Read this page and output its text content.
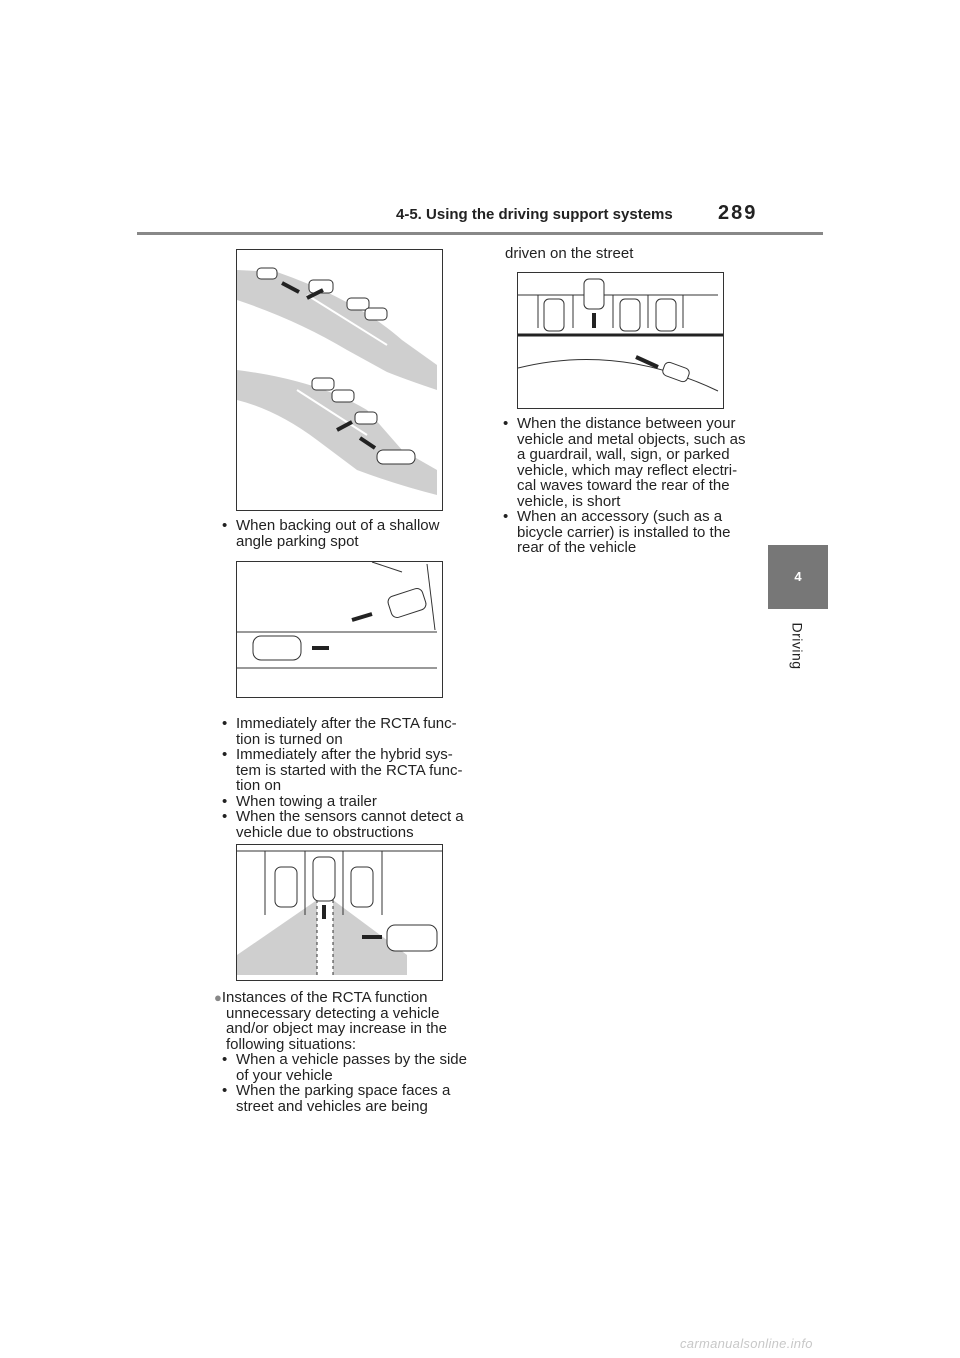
4-5. Using the driving support systems 289
4
Driving

• When backing out of a shallow angle parking spot

• Immediately after the RCTA func-tion is turned on

• Immediately after the hybrid sys-tem is started with the RCTA func-tion on

• When towing a trailer

• When the sensors cannot detect a vehicle due to obstructions

●Instances of the RCTA function unnecessary detecting a vehicle and/or object may increase in the following situations:

• When a vehicle passes by the side of your vehicle

• When the parking space faces a street and vehicles are being

driven on the street

• When the distance between your vehicle and metal objects, such as a guardrail, wall, sign, or parked vehicle, which may reflect electri-cal waves toward the rear of the vehicle, is short

• When an accessory (such as a bicycle carrier) is installed to the rear of the vehicle

carmanualsonline.info
